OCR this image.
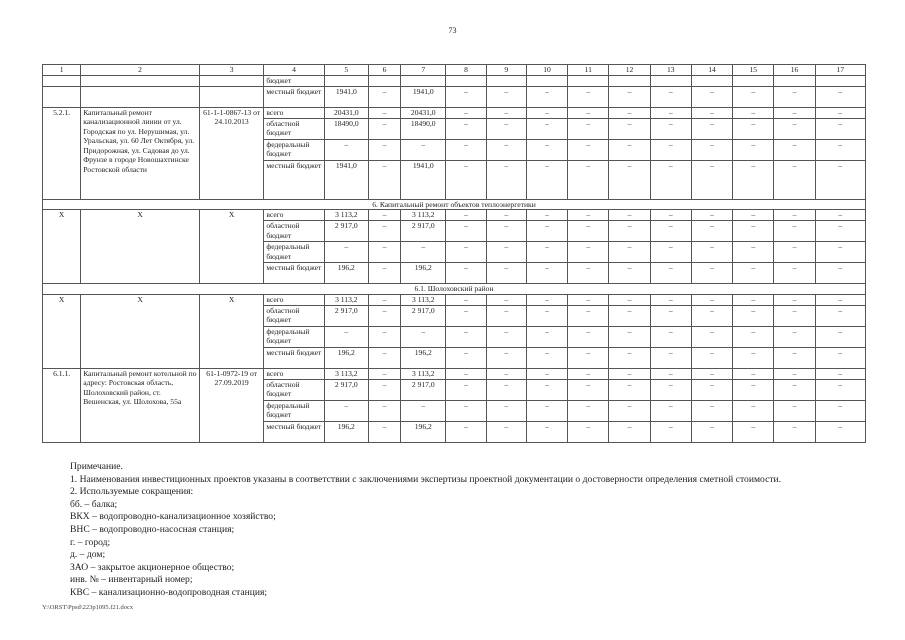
73
1	2	3	4	5	6	7	8	9	10	11	12	13	14	15	16	17
			бюджет													
			местный бюджет	1941,0	–	1941,0	–	–	–	–	–	–	–	–	–	–
5.2.1.	Капитальный ремонт канализационной линии от ул. Городская по ул. Нерушимая, ул. Уральская, ул. 60 Лет Октября, ул. Придорожная, ул. Садовая до ул. Фрунзе в городе Новошахтинске Ростовской области	61-1-1-0867-13 от 24.10.2013	всего	20431,0	–	20431,0	–	–	–	–	–	–	–	–	–	–
			областной бюджет	18490,0	–	18490,0	–	–	–	–	–	–	–	–	–	–
			федеральный бюджет	–	–	–	–	–	–	–	–	–	–	–	–	–
			местный бюджет	1941,0	–	1941,0	–	–	–	–	–	–	–	–	–	–
6. Капитальный ремонт объектов теплоэнергетики																
Х	Х	Х	всего	3 113,2	–	3 113,2	–	–	–	–	–	–	–	–	–	–
			областной бюджет	2 917,0	–	2 917,0	–	–	–	–	–	–	–	–	–	–
			федеральный бюджет	–	–	–	–	–	–	–	–	–	–	–	–	–
			местный бюджет	196,2	–	196,2	–	–	–	–	–	–	–	–	–	–
6.1. Шолоховский район																
Х	Х	Х	всего	3 113,2	–	3 113,2	–	–	–	–	–	–	–	–	–	–
			областной бюджет	2 917,0	–	2 917,0	–	–	–	–	–	–	–	–	–	–
			федеральный бюджет	–	–	–	–	–	–	–	–	–	–	–	–	–
			местный бюджет	196,2	–	196,2	–	–	–	–	–	–	–	–	–	–
6.1.1.	Капитальный ремонт котельной по адресу: Ростовская область, Шолоховский район, ст. Вешенская, ул. Шолохова, 55а	61-1-0972-19 от 27.09.2019	всего	3 113,2	–	3 113,2	–	–	–	–	–	–	–	–	–	–
			областной бюджет	2 917,0	–	2 917,0	–	–	–	–	–	–	–	–	–	–
			федеральный бюджет	–	–	–	–	–	–	–	–	–	–	–	–	–
			местный бюджет	196,2	–	196,2	–	–	–	–	–	–	–	–	–	–
Примечание.
1. Наименования инвестиционных проектов указаны в соответствии с заключениями экспертизы проектной документации о достоверности определения сметной стоимости.
2. Используемые сокращения:
бб. – балка;
ВКХ – водопроводно-канализационное хозяйство;
ВНС – водопроводно-насосная станция;
г. – город;
д. – дом;
ЗАО – закрытое акционерное общество;
инв. № – инвентарный номер;
КВС – канализационно-водопроводная станция;
Y:\ORST\Ppsd\223p1095.f21.docx
